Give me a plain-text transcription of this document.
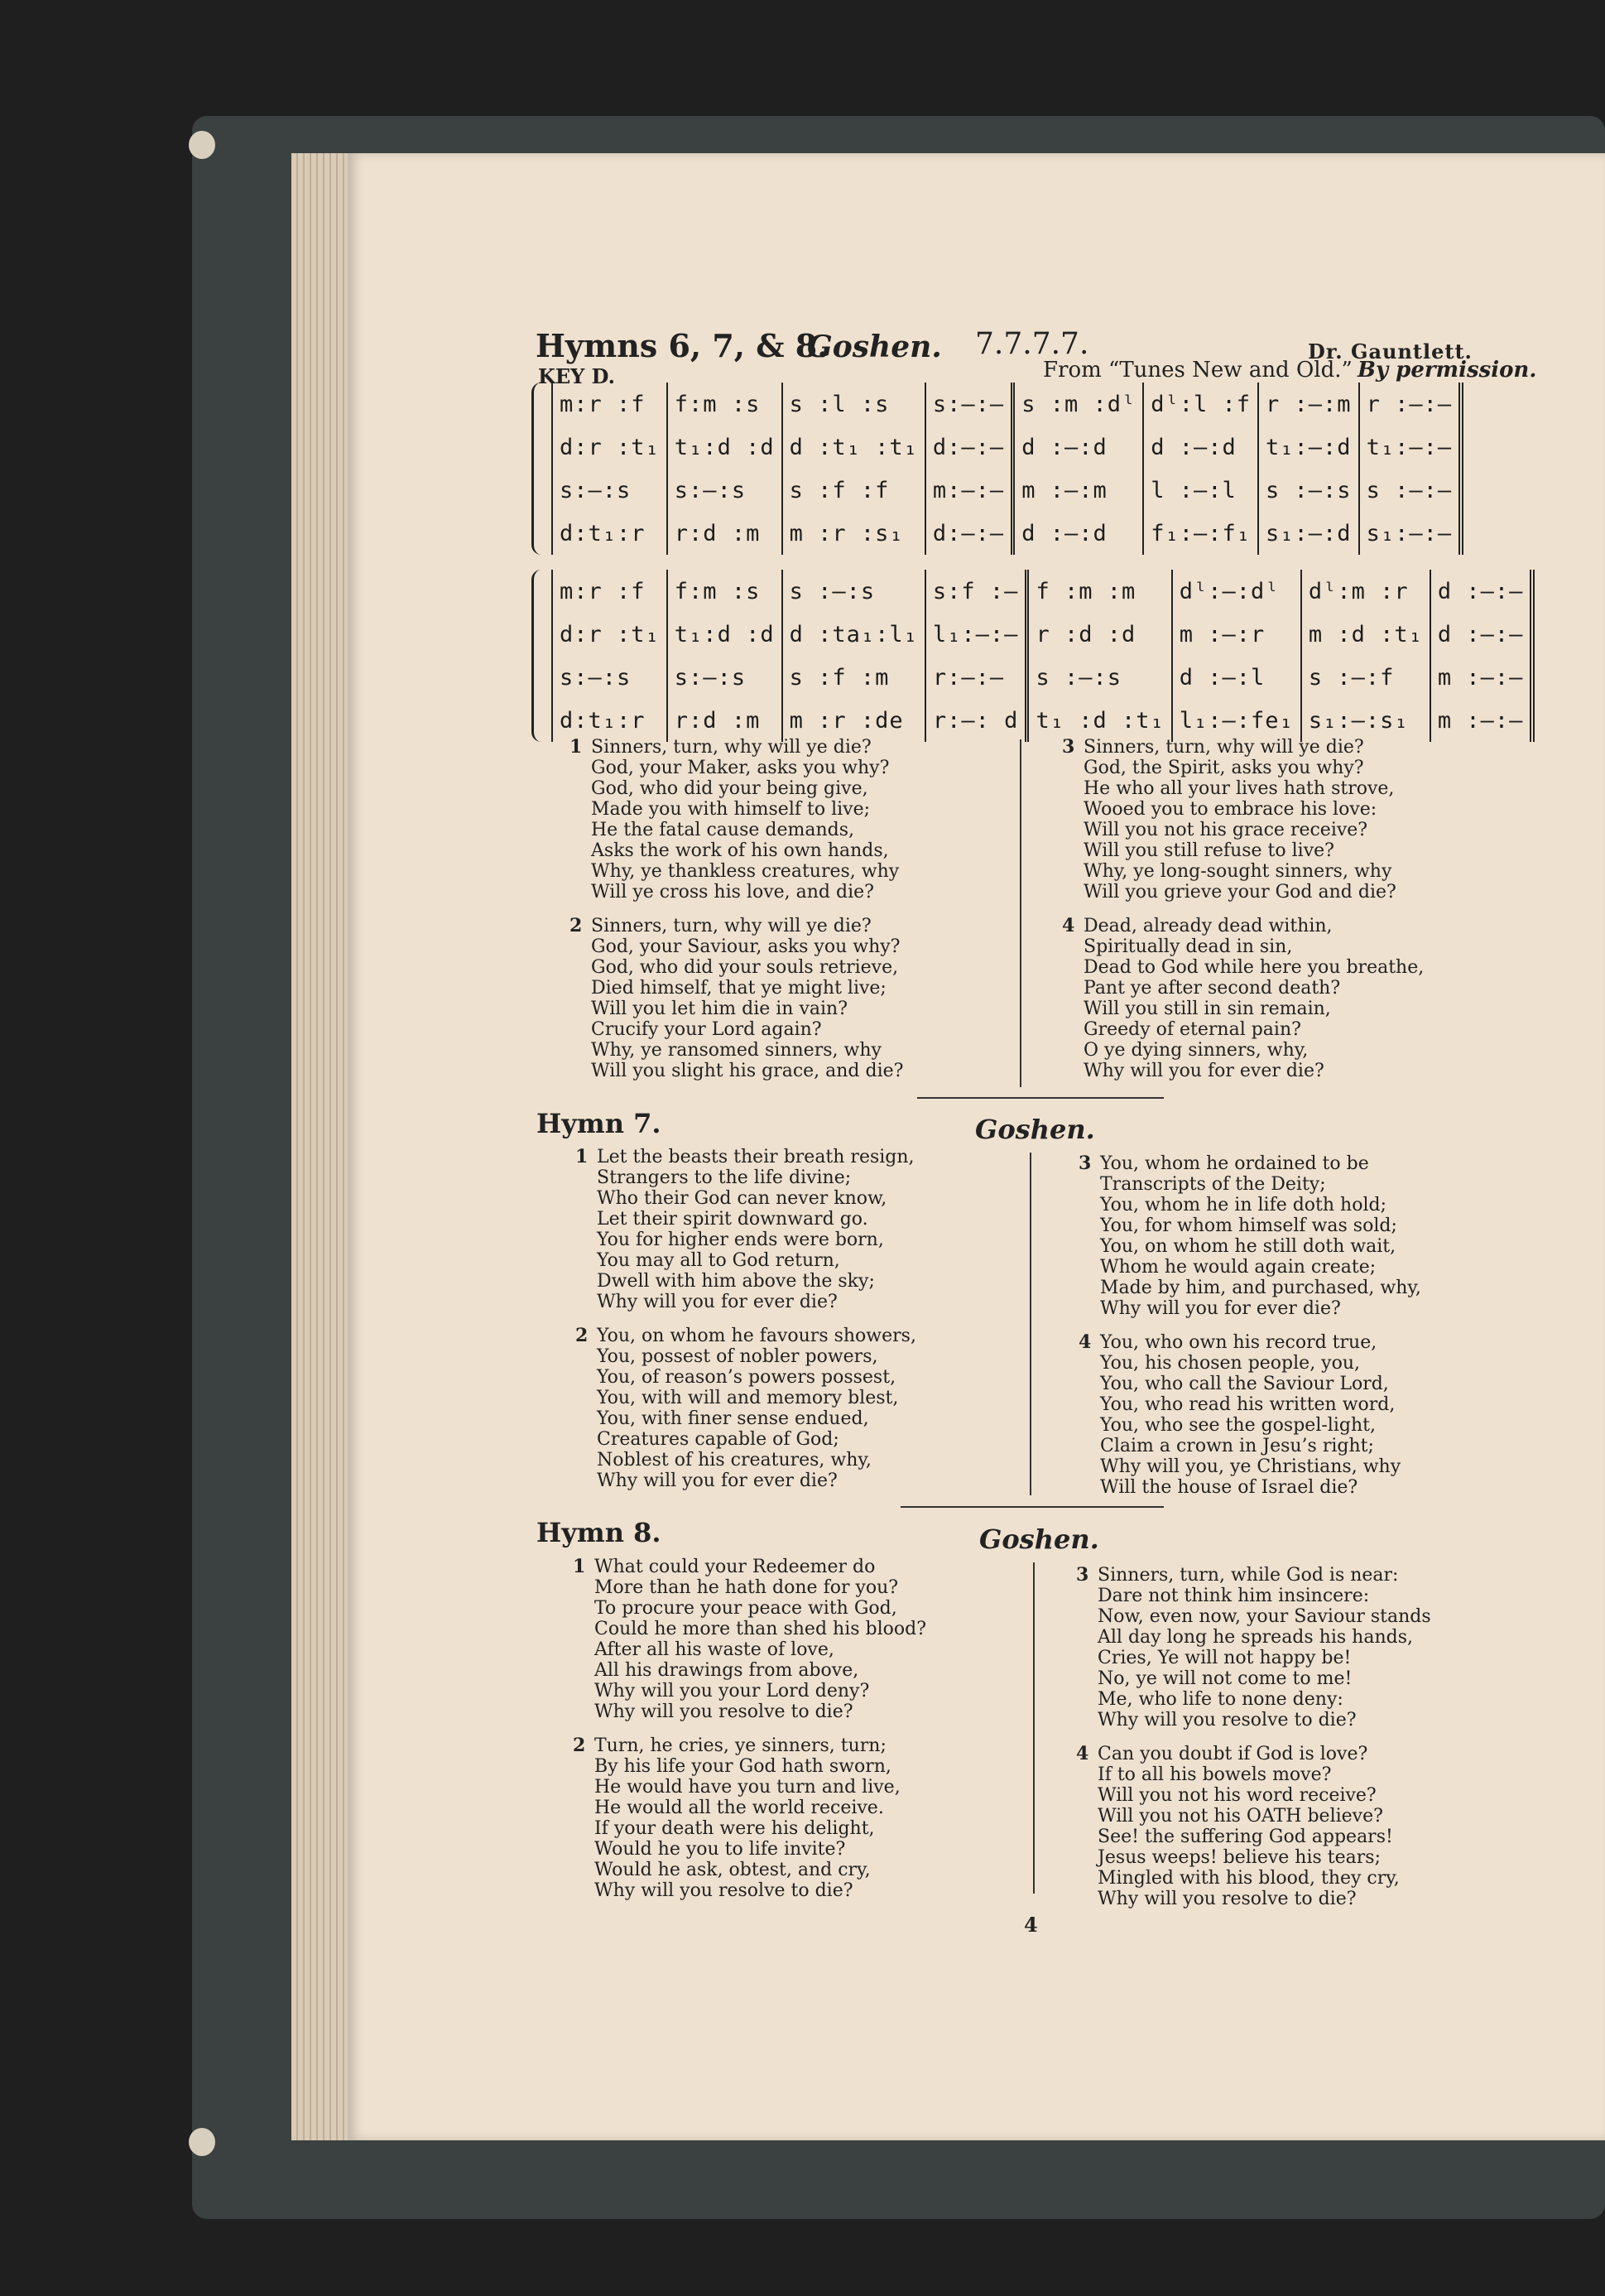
Hymns 6, 7, & 8.
Goshen. 7.7.7.7.	Dr. Gauntlett.
KEY D.	From “Tunes New and Old.” By permission.
m:r :f	f:m :s	s :l :s	s:—:—	s :m :dˡ	dˡ:l :f	r :—:m	r :—:—
d:r :t₁	t₁:d :d	d :t₁ :t₁	d:—:—	d :—:d	d :—:d	t₁:—:d	t₁:—:—
s:—:s	s:—:s	s :f :f	m:—:—	m :—:m	l :—:l	s :—:s	s :—:—
d:t₁:r	r:d :m	m :r :s₁	d:—:—	d :—:d	f₁:—:f₁	s₁:—:d	s₁:—:—
m:r :f	f:m :s	s :—:s	s:f :—	f :m :m	dˡ:—:dˡ	dˡ:m :r	d :—:—
d:r :t₁	t₁:d :d	d :ta₁:l₁	l₁:—:—	r :d :d	m :—:r	m :d :t₁	d :—:—
s:—:s	s:—:s	s :f :m	r:—:—	s :—:s	d :—:l	s :—:f	m :—:—
d:t₁:r	r:d :m	m :r :de	r:—: d	t₁ :d :t₁	l₁:—:fe₁	s₁:—:s₁	m :—:—
1 Sinners, turn, why will ye die?

God, your Maker, asks you why?
God, who did your being give,
Made you with himself to live;
He the fatal cause demands,
Asks the work of his own hands,
Why, ye thankless creatures, why
Will ye cross his love, and die?
2 Sinners, turn, why will ye die?

God, your Saviour, asks you why?
God, who did your souls retrieve,
Died himself, that ye might live;
Will you let him die in vain?
Crucify your Lord again?
Why, ye ransomed sinners, why
Will you slight his grace, and die?
3 Sinners, turn, why will ye die?

God, the Spirit, asks you why?
He who all your lives hath strove,
Wooed you to embrace his love:
Will you not his grace receive?
Will you still refuse to live?
Why, ye long-sought sinners, why
Will you grieve your God and die?
4 Dead, already dead within,

Spiritually dead in sin,
Dead to God while here you breathe,
Pant ye after second death?
Will you still in sin remain,
Greedy of eternal pain?
O ye dying sinners, why,
Why will you for ever die?
Hymn 7.	Goshen.
1 Let the beasts their breath resign,

Strangers to the life divine;
Who their God can never know,
Let their spirit downward go.
You for higher ends were born,
You may all to God return,
Dwell with him above the sky;
Why will you for ever die?
2 You, on whom he favours showers,

You, possest of nobler powers,
You, of reason’s powers possest,
You, with will and memory blest,
You, with finer sense endued,
Creatures capable of God;
Noblest of his creatures, why,
Why will you for ever die?
3 You, whom he ordained to be

Transcripts of the Deity;
You, whom he in life doth hold;
You, for whom himself was sold;
You, on whom he still doth wait,
Whom he would again create;
Made by him, and purchased, why,
Why will you for ever die?
4 You, who own his record true,

You, his chosen people, you,
You, who call the Saviour Lord,
You, who read his written word,
You, who see the gospel-light,
Claim a crown in Jesu’s right;
Why will you, ye Christians, why
Will the house of Israel die?
Hymn 8.	Goshen.
1 What could your Redeemer do

More than he hath done for you?
To procure your peace with God,
Could he more than shed his blood?
After all his waste of love,
All his drawings from above,
Why will you your Lord deny?
Why will you resolve to die?
2 Turn, he cries, ye sinners, turn;

By his life your God hath sworn,
He would have you turn and live,
He would all the world receive.
If your death were his delight,
Would he you to life invite?
Would he ask, obtest, and cry,
Why will you resolve to die?
3 Sinners, turn, while God is near:

Dare not think him insincere:
Now, even now, your Saviour stands
All day long he spreads his hands,
Cries, Ye will not happy be!
No, ye will not come to me!
Me, who life to none deny:
Why will you resolve to die?
4 Can you doubt if God is love?

If to all his bowels move?
Will you not his word receive?
Will you not his OATH believe?
See! the suffering God appears!
Jesus weeps! believe his tears;
Mingled with his blood, they cry,
Why will you resolve to die?
4
